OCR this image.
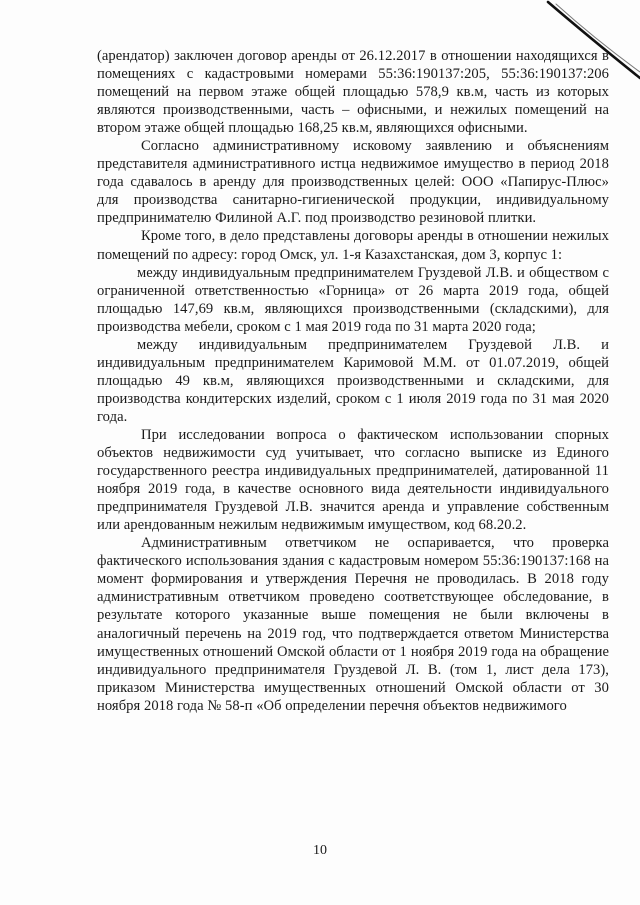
(арендатор) заключен договор аренды от 26.12.2017 в отношении находящихся в помещениях с кадастровыми номерами 55:36:190137:205, 55:36:190137:206 помещений на первом этаже общей площадью 578,9 кв.м, часть из которых являются производственными, часть – офисными, и нежилых помещений на втором этаже общей площадью 168,25 кв.м, являющихся офисными.

Согласно административному исковому заявлению и объяснениям представителя административного истца недвижимое имущество в период 2018 года сдавалось в аренду для производственных целей: ООО «Папирус-Плюс» для производства санитарно-гигиенической продукции, индивидуальному предпринимателю Филиной А.Г. под производство резиновой плитки.

Кроме того, в дело представлены договоры аренды в отношении нежилых помещений по адресу: город Омск, ул. 1-я Казахстанская, дом 3, корпус 1:

между индивидуальным предпринимателем Груздевой Л.В. и обществом с ограниченной ответственностью «Горница» от 26 марта 2019 года, общей площадью 147,69 кв.м, являющихся производственными (складскими), для производства мебели, сроком с 1 мая 2019 года по 31 марта 2020 года;

между индивидуальным предпринимателем Груздевой Л.В. и индивидуальным предпринимателем Каримовой М.М. от 01.07.2019, общей площадью 49 кв.м, являющихся производственными и складскими, для производства кондитерских изделий, сроком с 1 июля 2019 года по 31 мая 2020 года.

При исследовании вопроса о фактическом использовании спорных объектов недвижимости суд учитывает, что согласно выписке из Единого государственного реестра индивидуальных предпринимателей, датированной 11 ноября 2019 года, в качестве основного вида деятельности индивидуального предпринимателя Груздевой Л.В. значится аренда и управление собственным или арендованным нежилым недвижимым имуществом, код 68.20.2.

Административным ответчиком не оспаривается, что проверка фактического использования здания с кадастровым номером 55:36:190137:168 на момент формирования и утверждения Перечня не проводилась. В 2018 году административным ответчиком проведено соответствующее обследование, в результате которого указанные выше помещения не были включены в аналогичный перечень на 2019 год, что подтверждается ответом Министерства имущественных отношений Омской области от 1 ноября 2019 года на обращение индивидуального предпринимателя Груздевой Л. В. (том 1, лист дела 173), приказом Министерства имущественных отношений Омской области от 30 ноября 2018 года № 58-п «Об определении перечня объектов недвижимого

10
